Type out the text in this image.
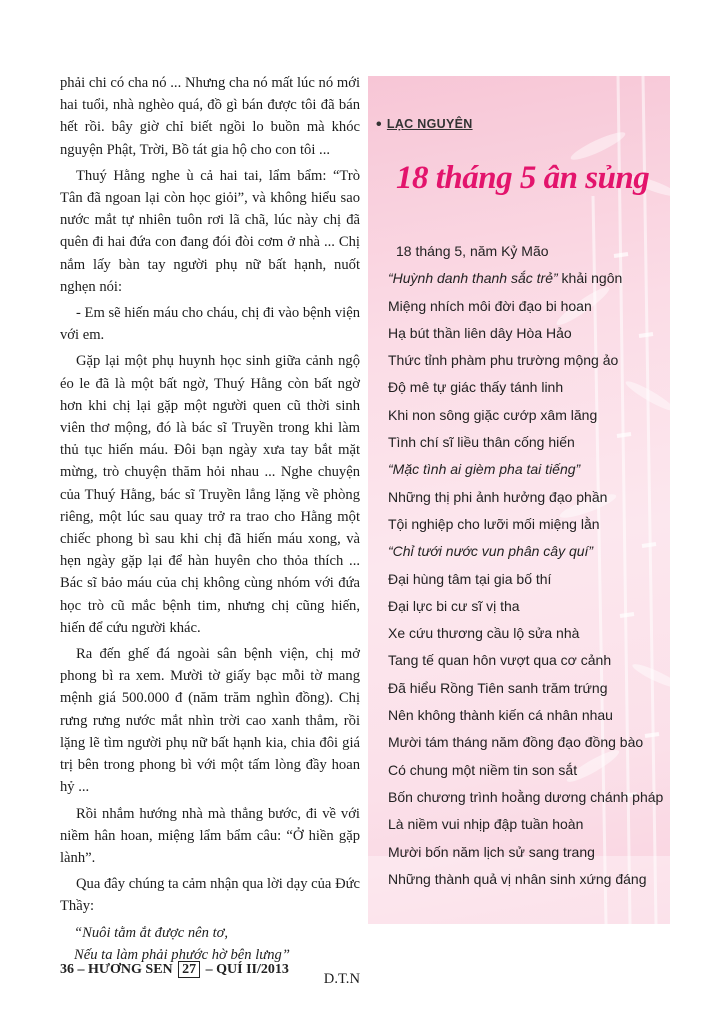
phải chi có cha nó ... Nhưng cha nó mất lúc nó mới hai tuổi, nhà nghèo quá, đồ gì bán được tôi đã bán hết rồi. bây giờ chỉ biết ngồi lo buồn mà khóc nguyện Phật, Trời, Bồ tát gia hộ cho con tôi ...

Thuý Hằng nghe ù cả hai tai, lẩm bẩm: “Trò Tân đã ngoan lại còn học giỏi”, và không hiểu sao nước mắt tự nhiên tuôn rơi lã chã, lúc này chị đã quên đi hai đứa con đang đói đòi cơm ở nhà ... Chị nắm lấy bàn tay người phụ nữ bất hạnh, nuốt nghẹn nói:

- Em sẽ hiến máu cho cháu, chị đi vào bệnh viện với em.

Gặp lại một phụ huynh học sinh giữa cảnh ngộ éo le đã là một bất ngờ, Thuý Hằng còn bất ngờ hơn khi chị lại gặp một người quen cũ thời sinh viên thơ mộng, đó là bác sĩ Truyền trong khi làm thủ tục hiến máu. Đôi bạn ngày xưa tay bắt mặt mừng, trò chuyện thăm hỏi nhau ... Nghe chuyện của Thuý Hằng, bác sĩ Truyền lẳng lặng về phòng riêng, một lúc sau quay trở ra trao cho Hằng một chiếc phong bì sau khi chị đã hiến máu xong, và hẹn ngày gặp lại để hàn huyên cho thỏa thích ... Bác sĩ bảo máu của chị không cùng nhóm với đứa học trò cũ mắc bệnh tim, nhưng chị cũng hiến, hiến để cứu người khác.

Ra đến ghế đá ngoài sân bệnh viện, chị mở phong bì ra xem. Mười tờ giấy bạc mỗi tờ mang mệnh giá 500.000 đ (năm trăm nghìn đồng). Chị rưng rưng nước mắt nhìn trời cao xanh thẳm, rồi lặng lẽ tìm người phụ nữ bất hạnh kia, chia đôi giá trị bên trong phong bì với một tấm lòng đầy hoan hỷ ...

Rồi nhắm hướng nhà mà thẳng bước, đi về với niềm hân hoan, miệng lẩm bẩm câu: “Ở hiền gặp lành”.

Qua đây chúng ta cảm nhận qua lời dạy của Đức Thầy:

“Nuôi tằm ắt được nên tơ,

Nếu ta làm phải phước hờ bên lưng”

D.T.N

• LẠC NGUYÊN
18 tháng 5 ân sủng
18 tháng 5, năm Kỷ Mão
“Huỳnh danh thanh sắc trẻ” khải ngôn
Miệng nhích môi đời đạo bi hoan
Hạ bút thần liên dây Hòa Hảo
Thức tỉnh phàm phu trường mộng ảo
Độ mê tự giác thấy tánh linh
Khi non sông giặc cướp xâm lăng
Tình chí sĩ liều thân cống hiến
“Mặc tình ai gièm pha tai tiếng”
Những thị phi ảnh hưởng đạo phần
Tội nghiệp cho lưỡi mối miệng lằn
“Chỉ tưới nước vun phân cây quí”
Đại hùng tâm tại gia bố thí
Đại lực bi cư sĩ vị tha
Xe cứu thương cầu lộ sửa nhà
Tang tế quan hôn vượt qua cơ cảnh
Đã hiểu Rồng Tiên sanh trăm trứng
Nên không thành kiến cá nhân nhau
Mười tám tháng năm đồng đạo đồng bào
Có chung một niềm tin son sắt
Bốn chương trình hoằng dương chánh pháp
Là niềm vui nhịp đập tuần hoàn
Mười bốn năm lịch sử sang trang
Những thành quả vị nhân sinh xứng đáng
36 – HƯƠNG SEN 27 – QUÍ II/2013
